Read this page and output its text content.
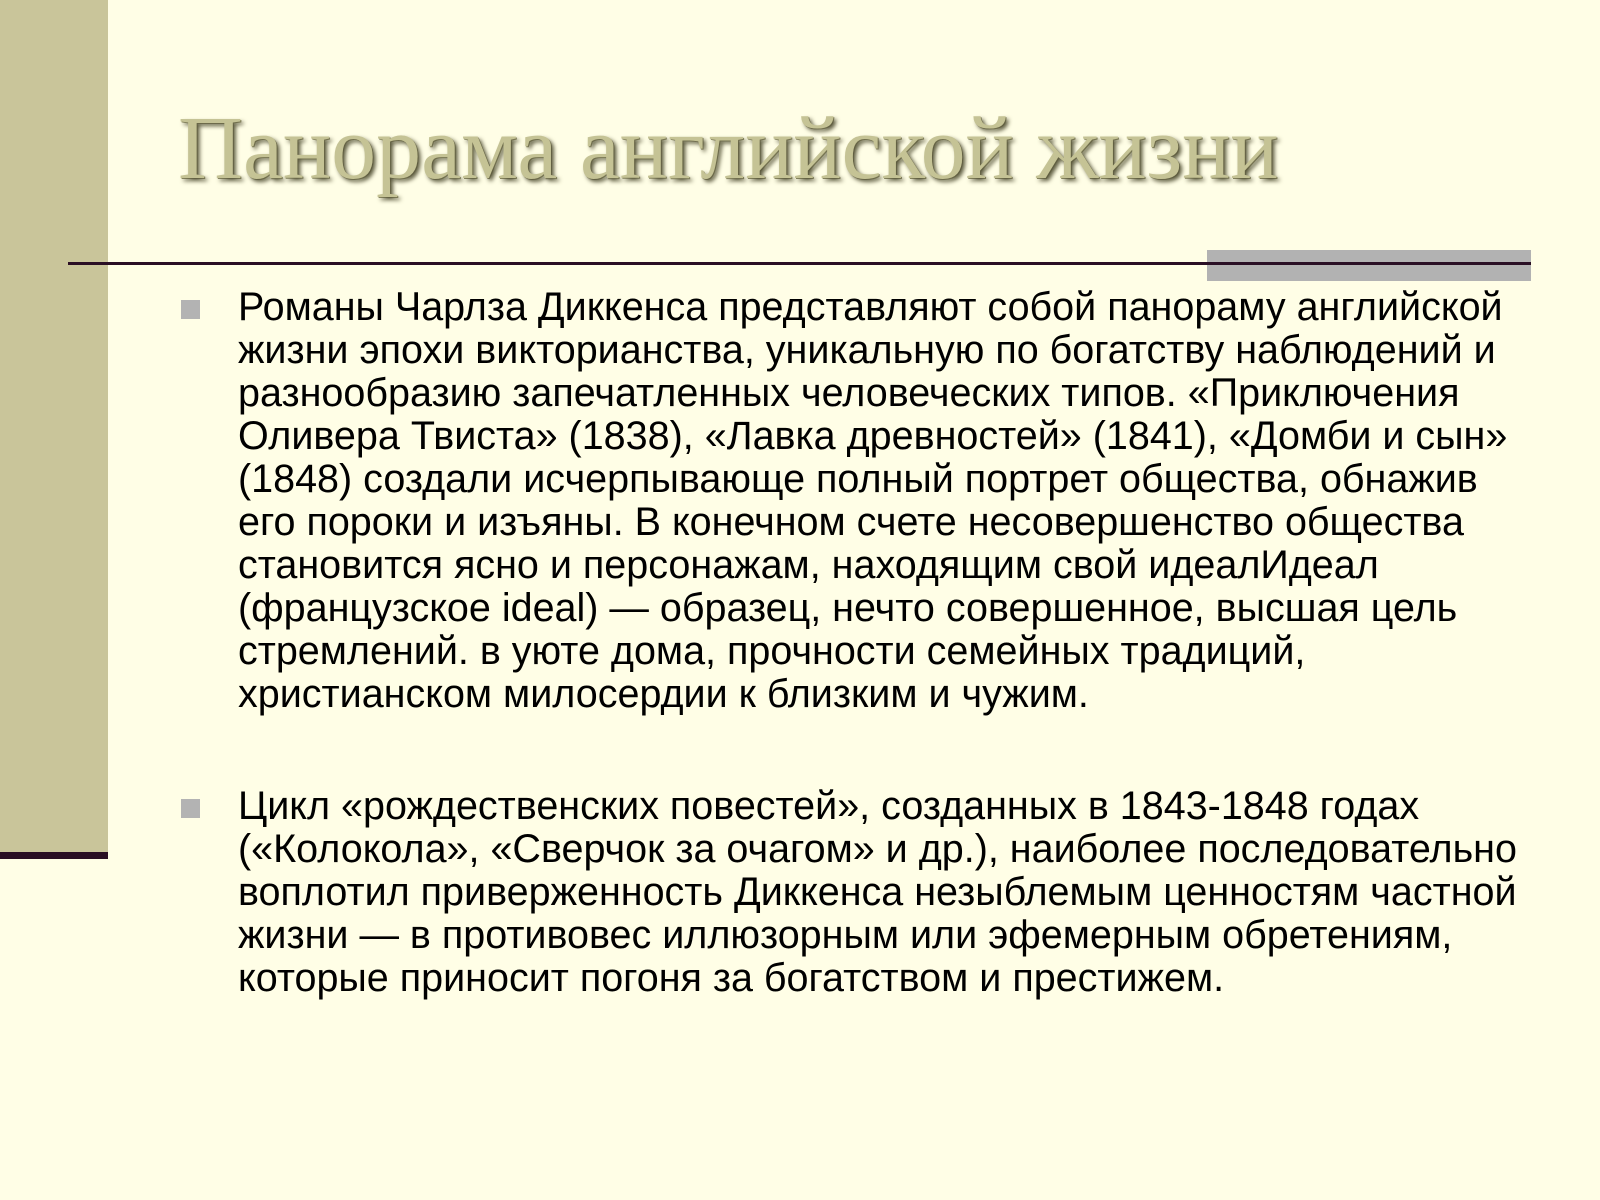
Панорама английской жизни
Романы Чарлза Диккенса представляют собой панораму английской жизни эпохи викторианства, уникальную по богатству наблюдений и разнообразию запечатленных человеческих типов. «Приключения Оливера Твиста» (1838), «Лавка древностей» (1841), «Домби и сын» (1848) создали исчерпывающе полный портрет общества, обнажив его пороки и изъяны. В конечном счете несовершенство общества становится ясно и персонажам, находящим свой идеалИдеал (французское ideal) — образец, нечто совершенное, высшая цель стремлений. в уюте дома, прочности семейных традиций, христианском милосердии к близким и чужим.
Цикл «рождественских повестей», созданных в 1843-1848 годах («Колокола», «Сверчок за очагом» и др.), наиболее последовательно воплотил приверженность Диккенса незыблемым ценностям частной жизни — в противовес иллюзорным или эфемерным обретениям, которые приносит погоня за богатством и престижем.
